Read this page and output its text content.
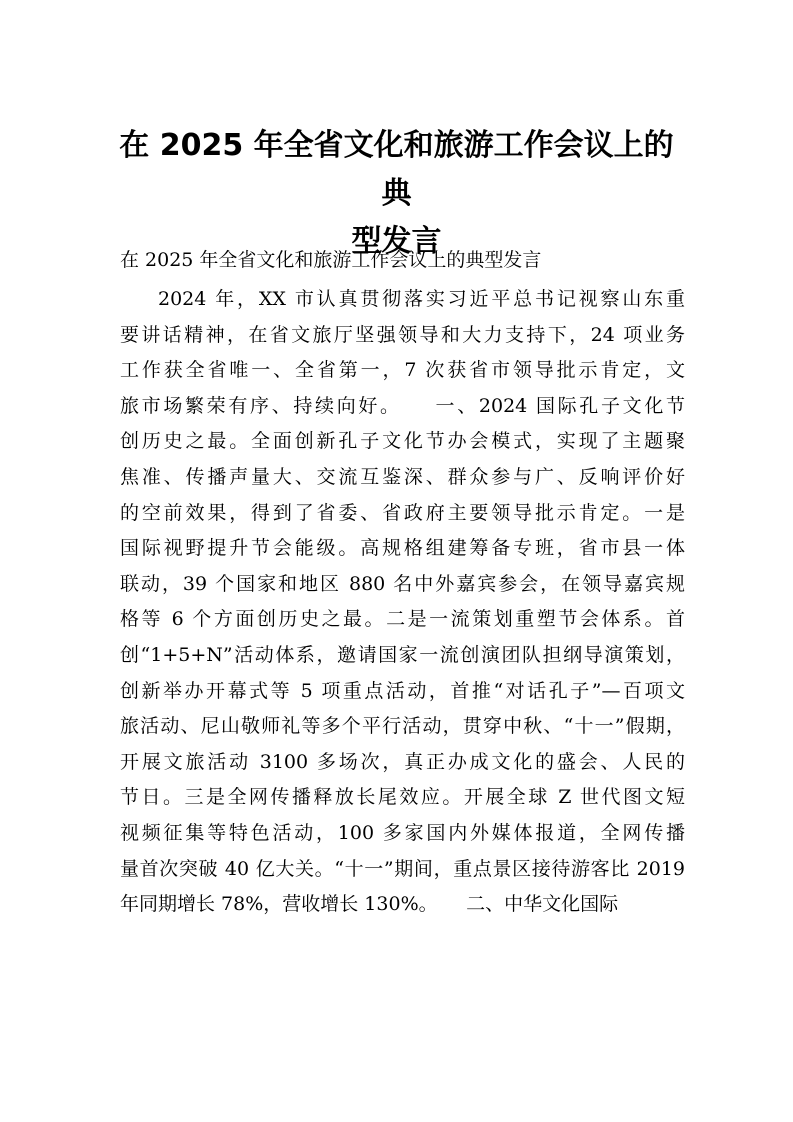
在 2025 年全省文化和旅游工作会议上的典
型发言

在 2025 年全省文化和旅游工作会议上的典型发言

2024 年，XX 市认真贯彻落实习近平总书记视察山东重
要讲话精神，在省文旅厅坚强领导和大力支持下，24 项业务
工作获全省唯一、全省第一，7 次获省市领导批示肯定，文
旅市场繁荣有序、持续向好。　　一、2024 国际孔子文化节
创历史之最。全面创新孔子文化节办会模式，实现了主题聚
焦准、传播声量大、交流互鉴深、群众参与广、反响评价好
的空前效果，得到了省委、省政府主要领导批示肯定。一是
国际视野提升节会能级。高规格组建筹备专班，省市县一体
联动，39 个国家和地区 880 名中外嘉宾参会，在领导嘉宾规
格等 6 个方面创历史之最。二是一流策划重塑节会体系。首
创“1+5+N”活动体系，邀请国家一流创演团队担纲导演策划，
创新举办开幕式等 5 项重点活动，首推“对话孔子”—百项文
旅活动、尼山敬师礼等多个平行活动，贯穿中秋、“十一”假期，
开展文旅活动 3100 多场次，真正办成文化的盛会、人民的
节日。三是全网传播释放长尾效应。开展全球 Z 世代图文短
视频征集等特色活动，100 多家国内外媒体报道，全网传播
量首次突破 40 亿大关。“十一”期间，重点景区接待游客比 2019
年同期增长 78%，营收增长 130%。　　二、中华文化国际
